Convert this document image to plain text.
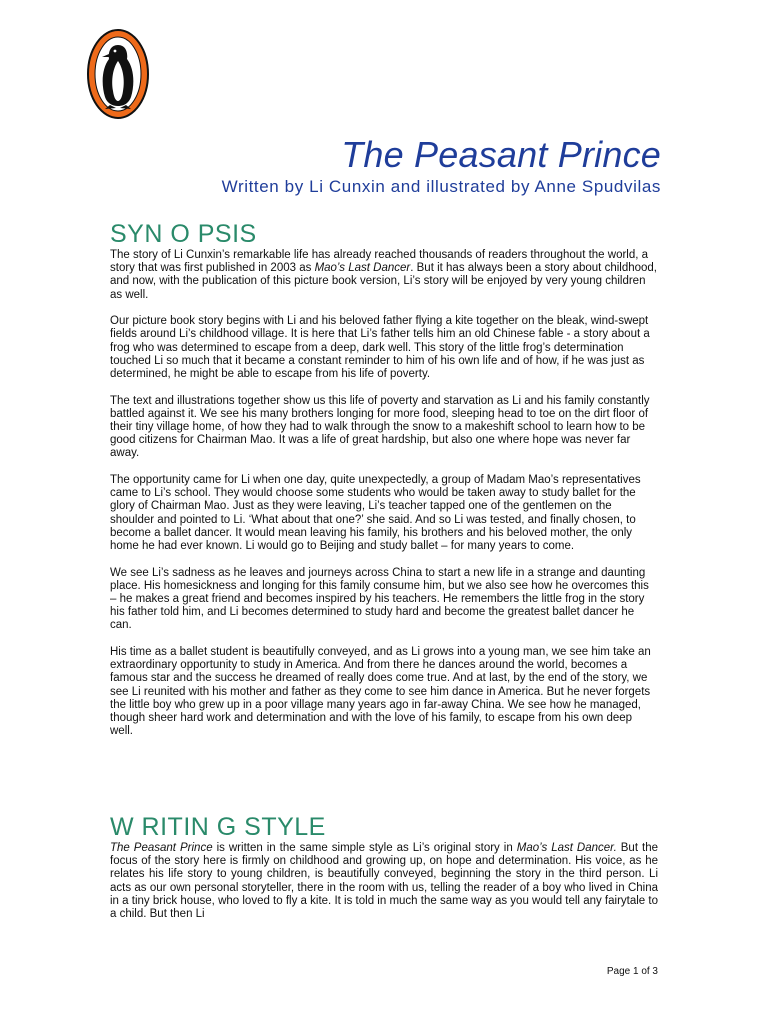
The Peasant Prince

Written by Li Cunxin and illustrated by Anne Spudvilas

SYN O PSIS

The story of Li Cunxin’s remarkable life has already reached thousands of readers throughout the world, a story that was first published in 2003 as Mao’s Last Dancer. But it has always been a story about childhood, and now, with the publication of this picture book version, Li’s story will be enjoyed by very young children as well.

Our picture book story begins with Li and his beloved father flying a kite together on the bleak, wind-swept fields around Li’s childhood village. It is here that Li’s father tells him an old Chinese fable - a story about a frog who was determined to escape from a deep, dark well. This story of the little frog’s determination touched Li so much that it became a constant reminder to him of his own life and of how, if he was just as determined, he might be able to escape from his life of poverty.

The text and illustrations together show us this life of poverty and starvation as Li and his family constantly battled against it. We see his many brothers longing for more food, sleeping head to toe on the dirt floor of their tiny village home, of how they had to walk through the snow to a makeshift school to learn how to be good citizens for Chairman Mao. It was a life of great hardship, but also one where hope was never far away.

The opportunity came for Li when one day, quite unexpectedly, a group of Madam Mao’s representatives came to Li’s school. They would choose some students who would be taken away to study ballet for the glory of Chairman Mao. Just as they were leaving, Li’s teacher tapped one of the gentlemen on the shoulder and pointed to Li. ‘What about that one?’ she said. And so Li was tested, and finally chosen, to become a ballet dancer. It would mean leaving his family, his brothers and his beloved mother, the only home he had ever known. Li would go to Beijing and study ballet – for many years to come.

We see Li’s sadness as he leaves and journeys across China to start a new life in a strange and daunting place. His homesickness and longing for this family consume him, but we also see how he overcomes this – he makes a great friend and becomes inspired by his teachers. He remembers the little frog in the story his father told him, and Li becomes determined to study hard and become the greatest ballet dancer he can.

His time as a ballet student is beautifully conveyed, and as Li grows into a young man, we see him take an extraordinary opportunity to study in America. And from there he dances around the world, becomes a famous star and the success he dreamed of really does come true. And at last, by the end of the story, we see Li reunited with his mother and father as they come to see him dance in America. But he never forgets the little boy who grew up in a poor village many years ago in far-away China. We see how he managed, though sheer hard work and determination and with the love of his family, to escape from his own deep well.

W RITIN G STYLE

The Peasant Prince is written in the same simple style as Li’s original story in Mao’s Last Dancer. But the focus of the story here is firmly on childhood and growing up, on hope and determination. His voice, as he relates his life story to young children, is beautifully conveyed, beginning the story in the third person. Li acts as our own personal storyteller, there in the room with us, telling the reader of a boy who lived in China in a tiny brick house, who loved to fly a kite. It is told in much the same way as you would tell any fairytale to a child. But then Li

Page 1 of 3
